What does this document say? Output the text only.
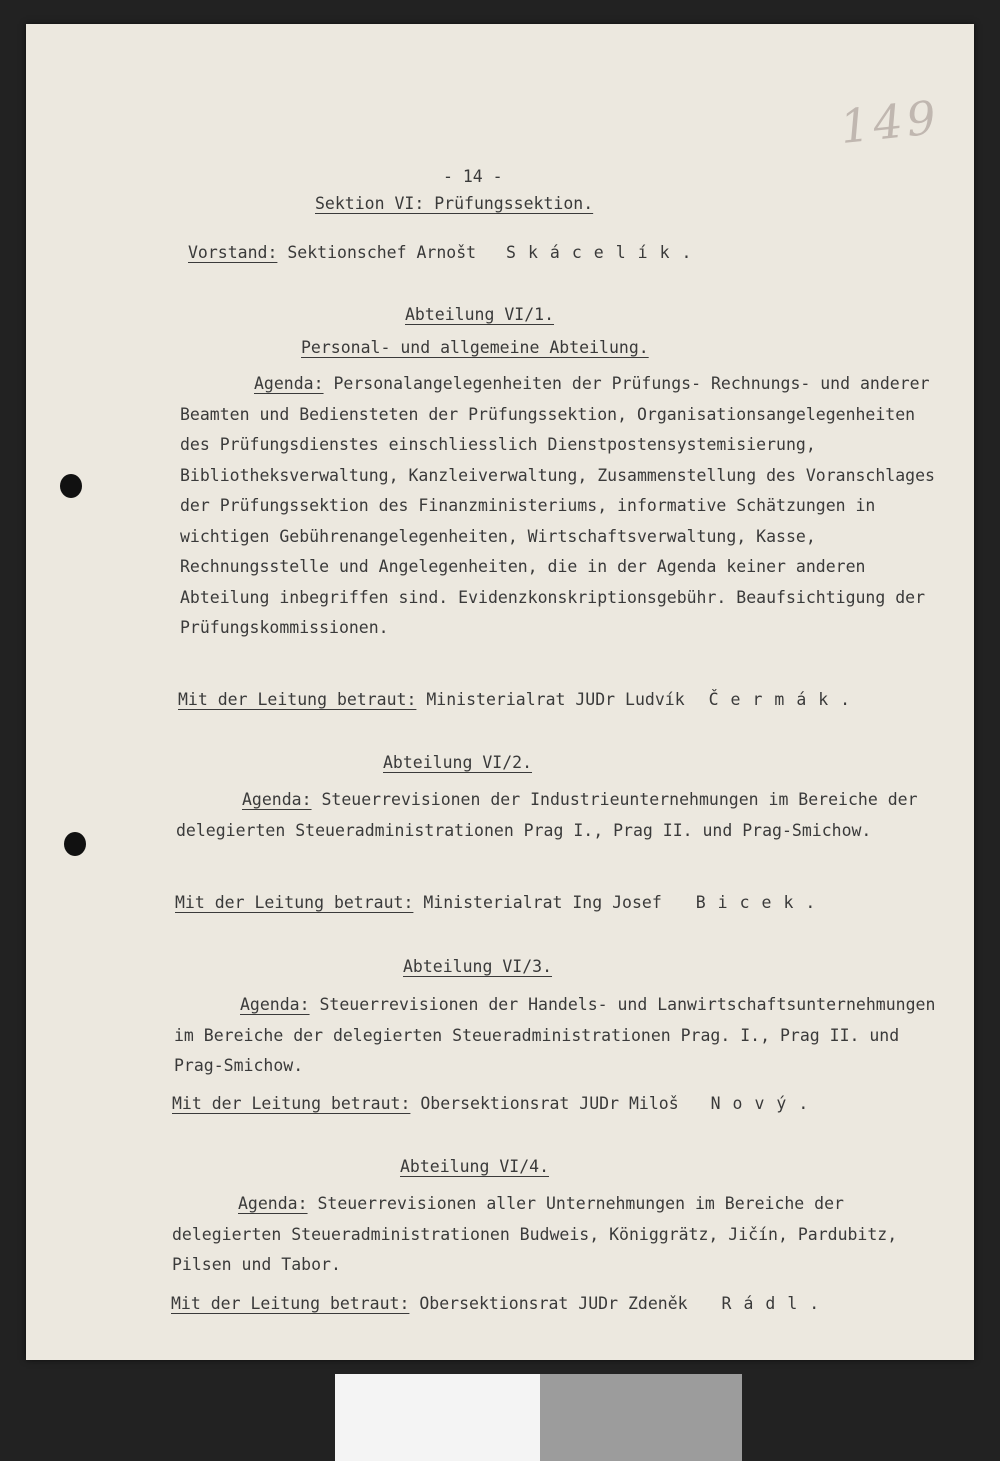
149
- 14 -
Sektion VI: Prüfungssektion.
Vorstand: Sektionschef Arnošt Skácelík.
Abteilung VI/1.
Personal- und allgemeine Abteilung.

Agenda: Personalangelegenheiten der Prüfungs- Rechnungs- und anderer Beamten und Bediensteten der Prüfungssektion, Organisationsangelegenheiten des Prüfungsdienstes einschliesslich Dienstpostensystemisierung, Bibliotheksverwaltung, Kanzleiverwaltung, Zusammenstellung des Voranschlages der Prüfungssektion des Finanzministeriums, informative Schätzungen in wichtigen Gebührenangelegenheiten, Wirtschaftsverwaltung, Kasse, Rechnungsstelle und Angelegenheiten, die in der Agenda keiner anderen Abteilung inbegriffen sind. Evidenzkonskriptionsgebühr. Beaufsichtigung der Prüfungskommissionen.

Mit der Leitung betraut: Ministerialrat JUDr Ludvík Čermák.
Abteilung VI/2.

Agenda: Steuerrevisionen der Industrieunternehmungen im Bereiche der delegierten Steueradministrationen Prag I., Prag II. und Prag-Smichow.

Mit der Leitung betraut: Ministerialrat Ing Josef Bicek.
Abteilung VI/3.

Agenda: Steuerrevisionen der Handels- und Lanwirtschaftsunternehmungen im Bereiche der delegierten Steueradministrationen Prag. I., Prag II. und Prag-Smichow.

Mit der Leitung betraut: Obersektionsrat JUDr Miloš Nový.
Abteilung VI/4.

Agenda: Steuerrevisionen aller Unternehmungen im Bereiche der delegierten Steueradministrationen Budweis, Königgrätz, Jičín, Pardubitz, Pilsen und Tabor.

Mit der Leitung betraut: Obersektionsrat JUDr Zdeněk Rádl.
